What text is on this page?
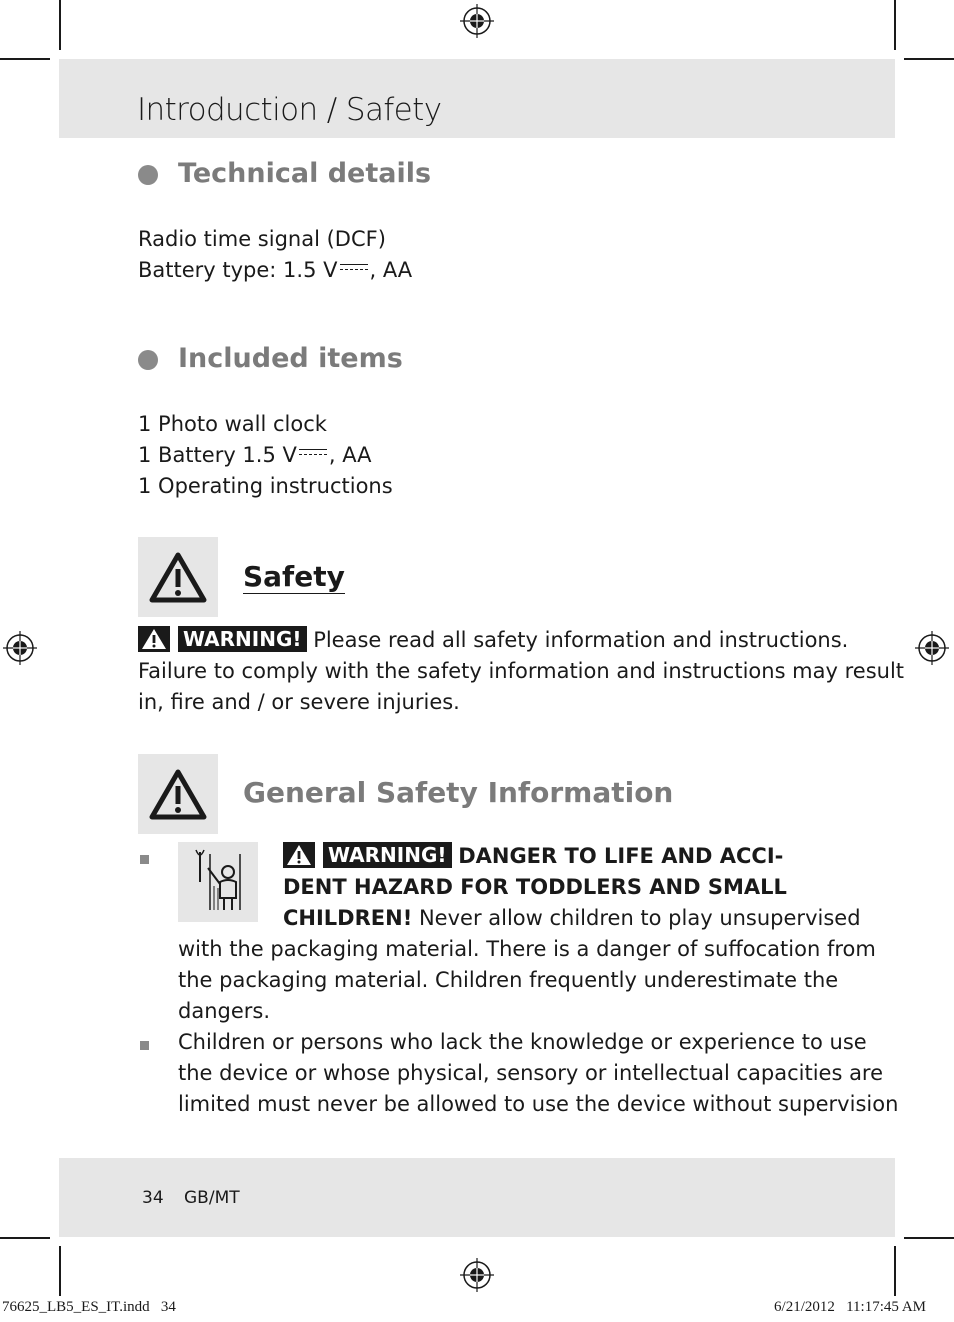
Introduction / Safety
Technical details
Radio time signal (DCF)
Battery type: 1.5 V , AA
Included items
1 Photo wall clock
1 Battery 1.5 V , AA
1 Operating instructions
Safety
WARNING! Please read all safety information and instructions.
Failure to comply with the safety information and instructions may result
in, fire and / or severe injuries.
General Safety Information
WARNING! DANGER TO LIFE AND ACCI-
DENT HAZARD FOR TODDLERS AND SMALL
CHILDREN! Never allow children to play unsupervised
with the packaging material. There is a danger of suffocation from
the packaging material. Children frequently underestimate the
dangers.
Children or persons who lack the knowledge or experience to use
the device or whose physical, sensory or intellectual capacities are
limited must never be allowed to use the device without supervision
34 GB/MT
76625_LB5_ES_IT.indd   34	6/21/2012   11:17:45 AM
